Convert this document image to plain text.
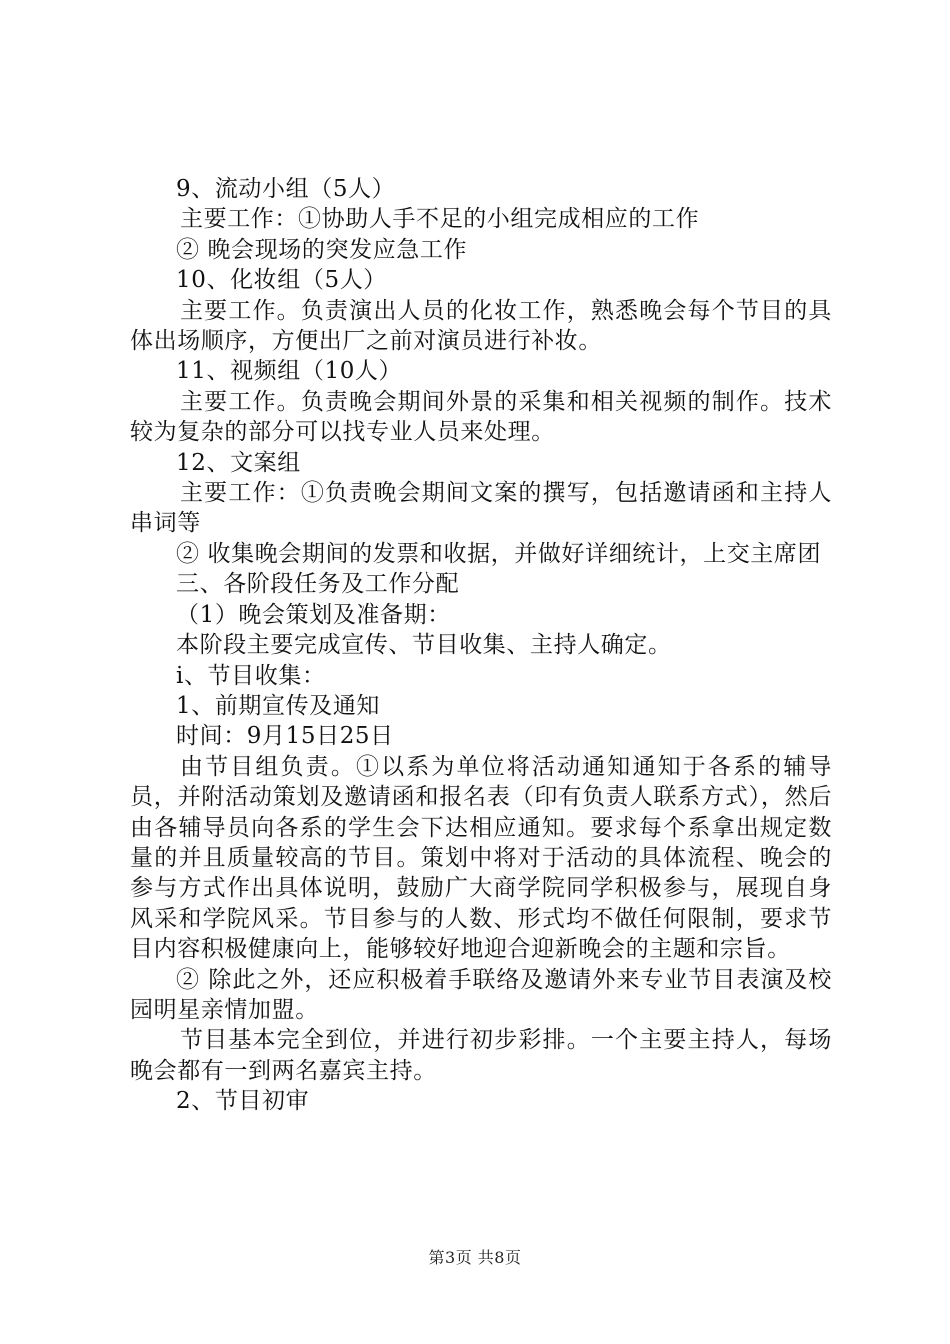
9、流动小组（5人）

主要工作：①协助人手不足的小组完成相应的工作

② 晚会现场的突发应急工作

10、化妆组（5人）

主要工作。负责演出人员的化妆工作，熟悉晚会每个节目的具体出场顺序，方便出厂之前对演员进行补妆。

11、视频组（10人）

主要工作。负责晚会期间外景的采集和相关视频的制作。技术较为复杂的部分可以找专业人员来处理。

12、文案组

主要工作：①负责晚会期间文案的撰写，包括邀请函和主持人串词等

② 收集晚会期间的发票和收据，并做好详细统计，上交主席团

三、各阶段任务及工作分配

（1）晚会策划及准备期：

本阶段主要完成宣传、节目收集、主持人确定。

ⅰ、节目收集：

1、前期宣传及通知

时间：9月15日25日

由节目组负责。①以系为单位将活动通知通知于各系的辅导员，并附活动策划及邀请函和报名表（印有负责人联系方式），然后由各辅导员向各系的学生会下达相应通知。要求每个系拿出规定数量的并且质量较高的节目。策划中将对于活动的具体流程、晚会的参与方式作出具体说明，鼓励广大商学院同学积极参与，展现自身风采和学院风采。节目参与的人数、形式均不做任何限制，要求节目内容积极健康向上，能够较好地迎合迎新晚会的主题和宗旨。

② 除此之外，还应积极着手联络及邀请外来专业节目表演及校园明星亲情加盟。

节目基本完全到位，并进行初步彩排。一个主要主持人，每场晚会都有一到两名嘉宾主持。

2、节目初审

第3页 共8页
